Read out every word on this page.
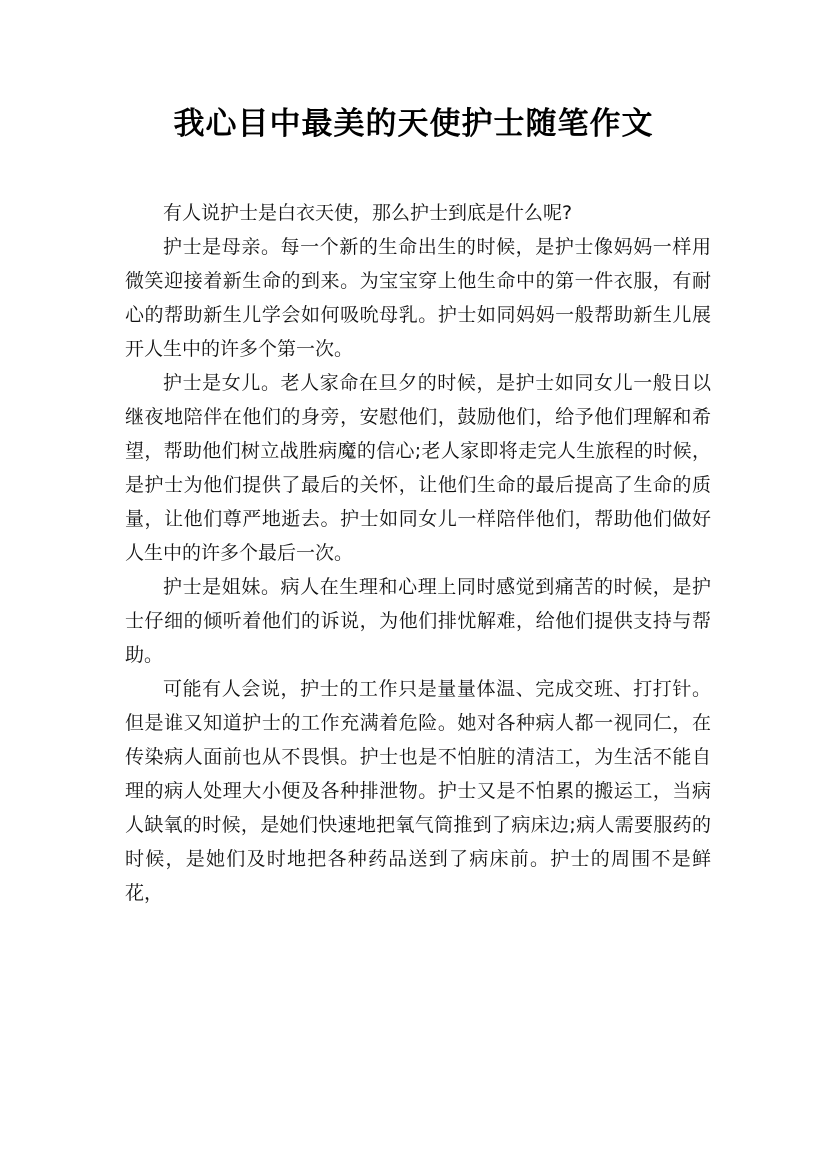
我心目中最美的天使护士随笔作文

有人说护士是白衣天使，那么护士到底是什么呢?

护士是母亲。每一个新的生命出生的时候，是护士像妈妈一样用微笑迎接着新生命的到来。为宝宝穿上他生命中的第一件衣服，有耐心的帮助新生儿学会如何吸吮母乳。护士如同妈妈一般帮助新生儿展开人生中的许多个第一次。

护士是女儿。老人家命在旦夕的时候，是护士如同女儿一般日以继夜地陪伴在他们的身旁，安慰他们，鼓励他们，给予他们理解和希望，帮助他们树立战胜病魔的信心;老人家即将走完人生旅程的时候，是护士为他们提供了最后的关怀，让他们生命的最后提高了生命的质量，让他们尊严地逝去。护士如同女儿一样陪伴他们，帮助他们做好人生中的许多个最后一次。

护士是姐妹。病人在生理和心理上同时感觉到痛苦的时候，是护士仔细的倾听着他们的诉说，为他们排忧解难，给他们提供支持与帮助。

可能有人会说，护士的工作只是量量体温、完成交班、打打针。但是谁又知道护士的工作充满着危险。她对各种病人都一视同仁，在传染病人面前也从不畏惧。护士也是不怕脏的清洁工，为生活不能自理的病人处理大小便及各种排泄物。护士又是不怕累的搬运工，当病人缺氧的时候，是她们快速地把氧气筒推到了病床边;病人需要服药的时候，是她们及时地把各种药品送到了病床前。护士的周围不是鲜花，
